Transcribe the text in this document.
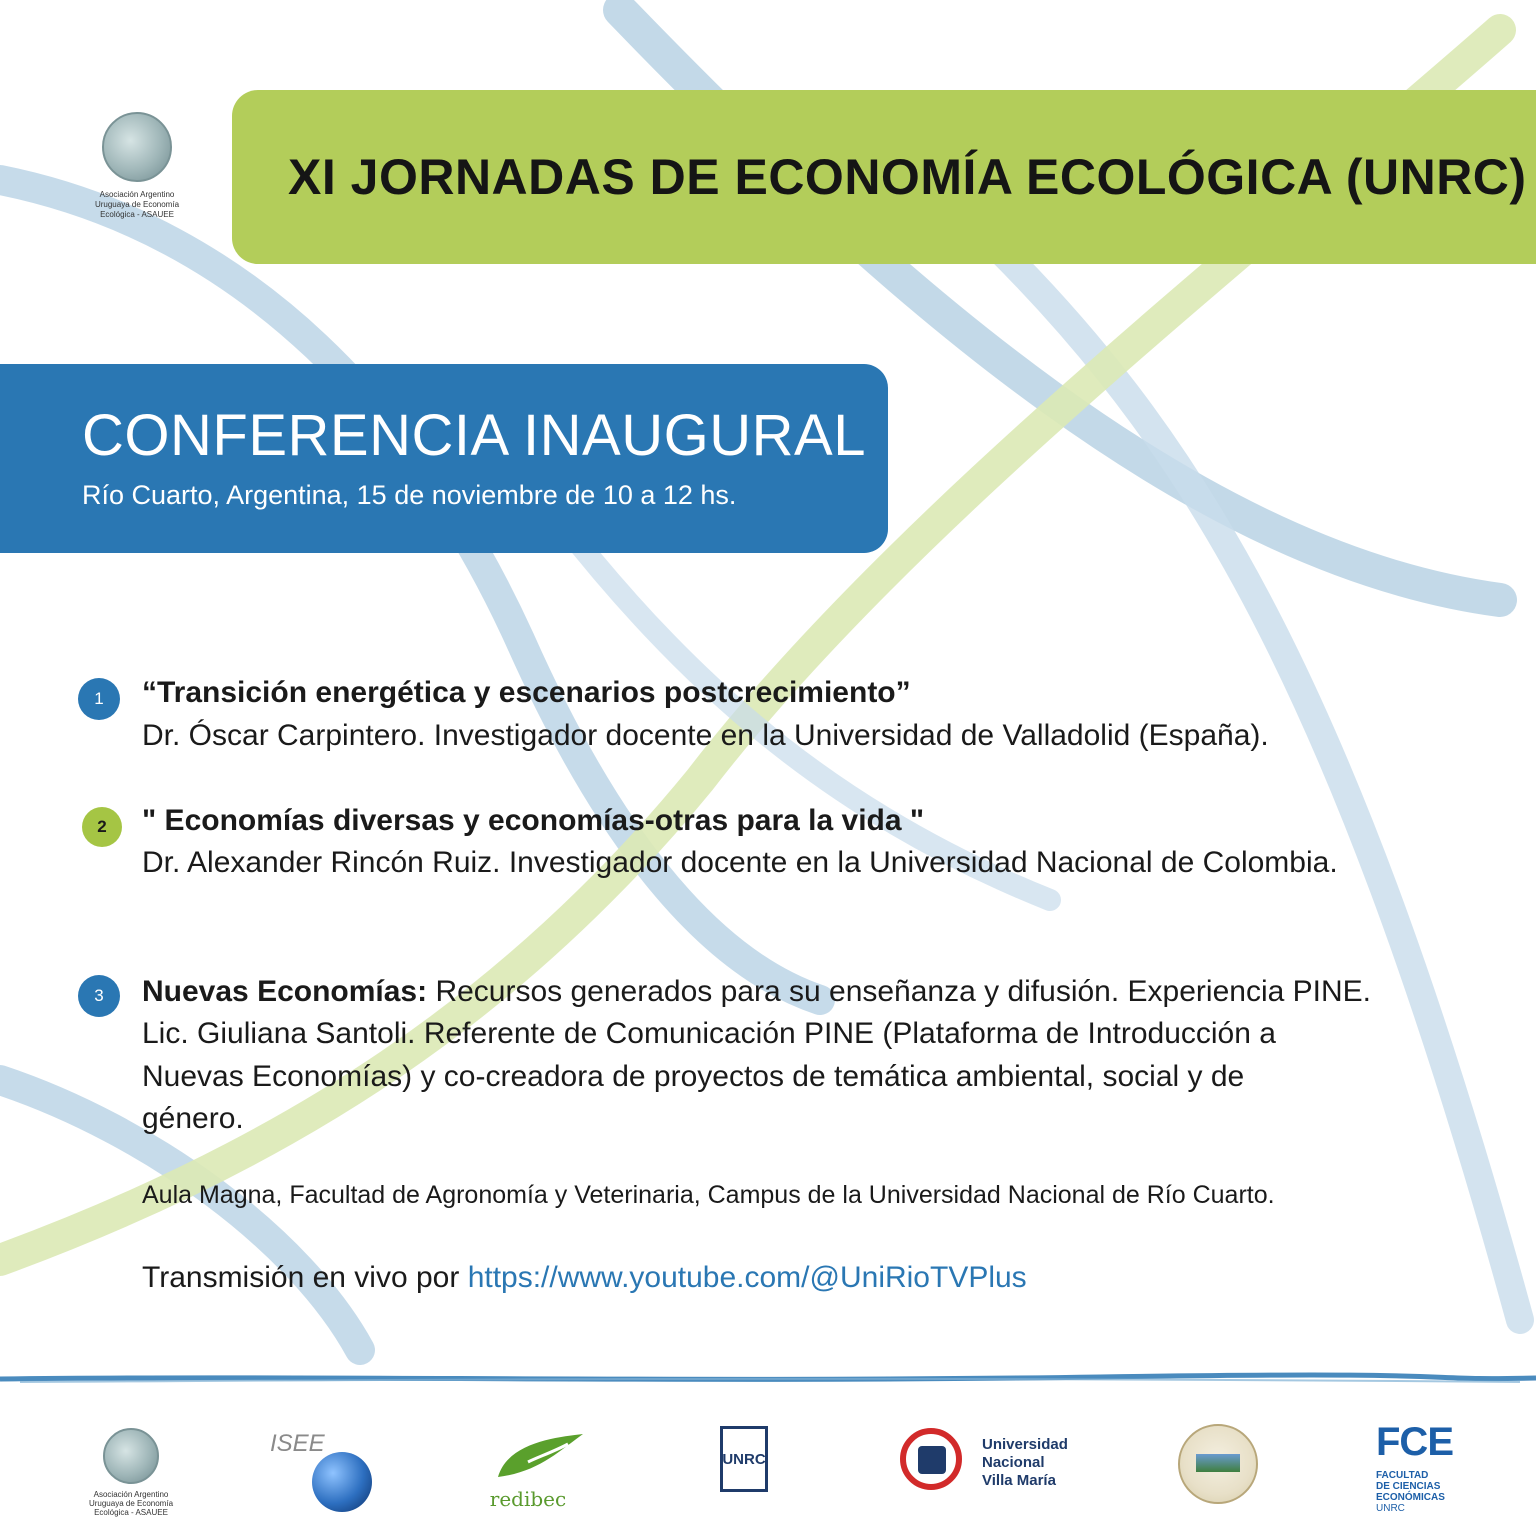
Asociación Argentino Uruguaya de Economía Ecológica - ASAUEE
XI JORNADAS DE ECONOMÍA ECOLÓGICA (UNRC)
CONFERENCIA INAUGURAL
Río Cuarto, Argentina, 15 de noviembre de 10 a 12 hs.
1	“Transición energética y escenarios postcrecimiento”
Dr. Óscar Carpintero. Investigador docente en la Universidad de Valladolid (España).
2	" Economías diversas y economías-otras para la vida "
Dr. Alexander Rincón Ruiz. Investigador docente en la Universidad Nacional de Colombia.
3	Nuevas Economías: Recursos generados para su enseñanza y difusión. Experiencia PINE.
Lic. Giuliana Santoli. Referente de Comunicación PINE (Plataforma de Introducción a
Nuevas Economías) y co-creadora de proyectos de temática ambiental, social y de
género.
Aula Magna, Facultad de Agronomía y Veterinaria, Campus de la Universidad Nacional de Río Cuarto.
Transmisión en vivo por https://www.youtube.com/@UniRioTVPlus
Asociación Argentino Uruguaya de Economía Ecológica - ASAUEE
ISEE
redibec
UNRC
Universidad
Nacional
Villa María
FCE
FACULTAD
DE CIENCIAS
ECONÓMICAS
UNRC
